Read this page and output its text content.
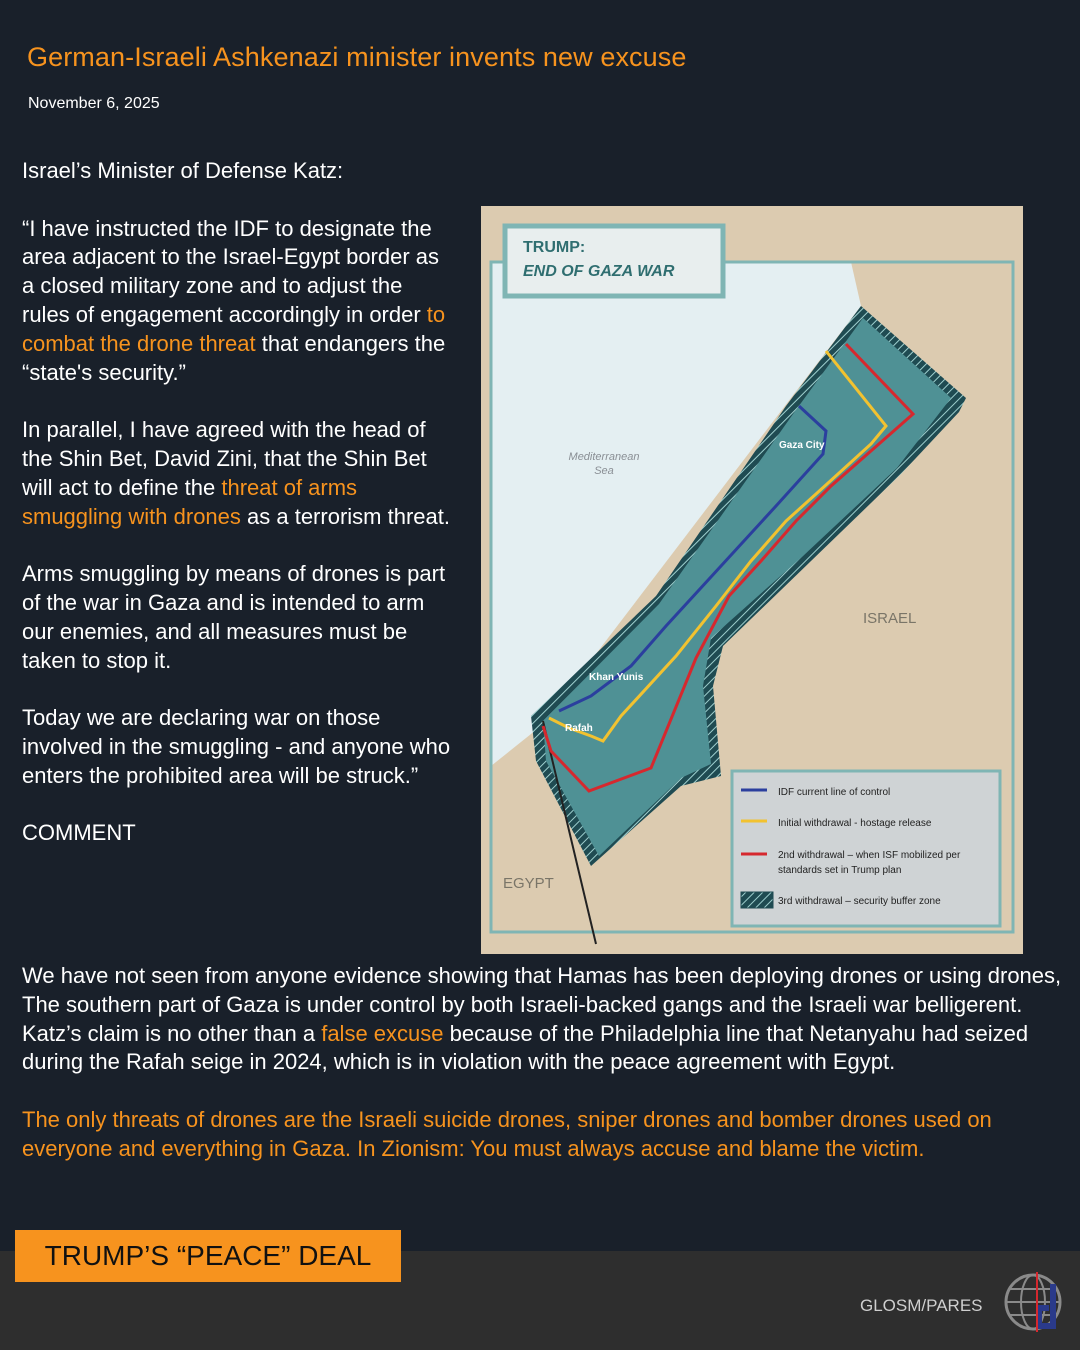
German-Israeli Ashkenazi minister invents new excuse
November 6, 2025

Israel’s Minister of Defense Katz:

“I have instructed the IDF to designate the area adjacent to the Israel-Egypt border as a closed military zone and to adjust the rules of engagement accordingly in order to combat the drone threat that endangers the “state's security.”

In parallel, I have agreed with the head of the Shin Bet, David Zini, that the Shin Bet will act to define the threat of arms smuggling with drones as a terrorism threat.

Arms smuggling by means of drones is part of the war in Gaza and is intended to arm our enemies, and all measures must be taken to stop it.

Today we are declaring war on those involved in the smuggling - and anyone who enters the prohibited area will be struck.”

COMMENT

TRUMP:
END OF GAZA WAR
Mediterranean
Sea
ISRAEL
EGYPT
Gaza City
Khan Yunis
Rafah
IDF current line of control
Initial withdrawal - hostage release
2nd withdrawal – when ISF mobilized per
standards set in Trump plan
3rd withdrawal – security buffer zone

We have not seen from anyone evidence showing that Hamas has been deploying drones or using drones, The southern part of Gaza is under control by both Israeli-backed gangs and the Israeli war belligerent. Katz’s claim is no other than a false excuse because of the Philadelphia line that Netanyahu had seized during the Rafah seige in 2024, which is in violation with the peace agreement with Egypt.

The only threats of drones are the Israeli suicide drones, sniper drones and bomber drones used on everyone and everything in Gaza. In Zionism: You must always accuse and blame the victim.

TRUMP’S “PEACE” DEAL
GLOSM/PARES
